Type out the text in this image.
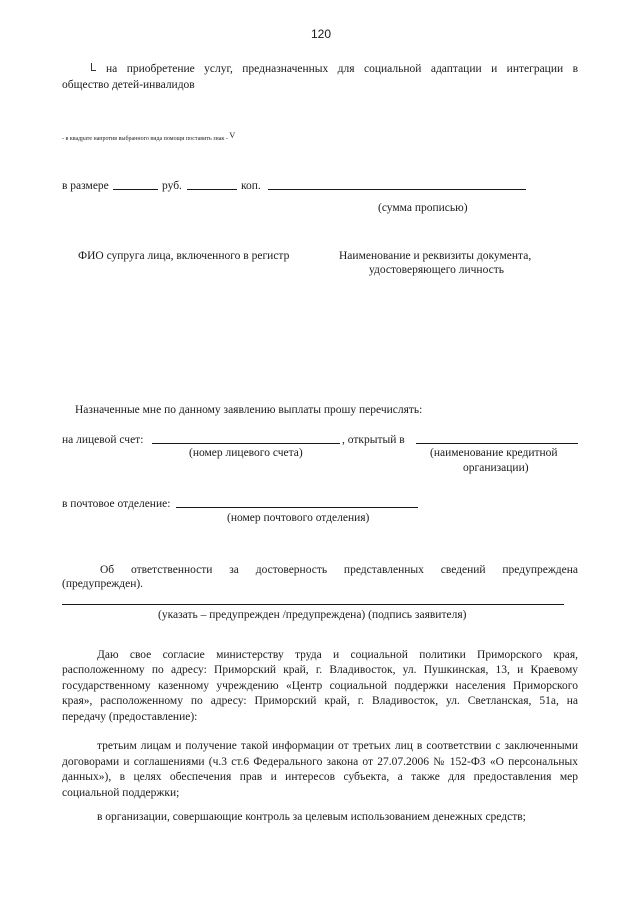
120
на приобретение услуг, предназначенных для социальной адаптации и интеграции в
общество детей-инвалидов
- в квадрате напротив выбранного вида помощи поставить знак - V
в размере	руб.	коп.
(сумма прописью)
ФИО супруга лица, включенного в регистр	Наименование и реквизиты документа,
удостоверяющего личность
Назначенные мне по данному заявлению выплаты прошу перечислять:
на лицевой счет:	, открытый в
(номер лицевого счета)	(наименование кредитной
организации)
в почтовое отделение:
(номер почтового отделения)
Об ответственности за достоверность представленных сведений предупреждена
(предупрежден).
(указать – предупрежден /предупреждена) (подпись заявителя)
Даю свое согласие министерству труда и социальной политики Приморского края,
расположенному по адресу: Приморский край, г. Владивосток, ул. Пушкинская, 13, и Краевому
государственному казенному учреждению «Центр социальной поддержки населения Приморского
края», расположенному по адресу: Приморский край, г. Владивосток, ул. Светланская, 51а, на
передачу (предоставление):
третьим лицам и получение такой информации от третьих лиц в соответствии с заключенными
договорами и соглашениями (ч.3 ст.6 Федерального закона от 27.07.2006 № 152-ФЗ «О персональных
данных»), в целях обеспечения прав и интересов субъекта, а также для предоставления мер
социальной поддержки;
в организации, совершающие контроль за целевым использованием денежных средств;
